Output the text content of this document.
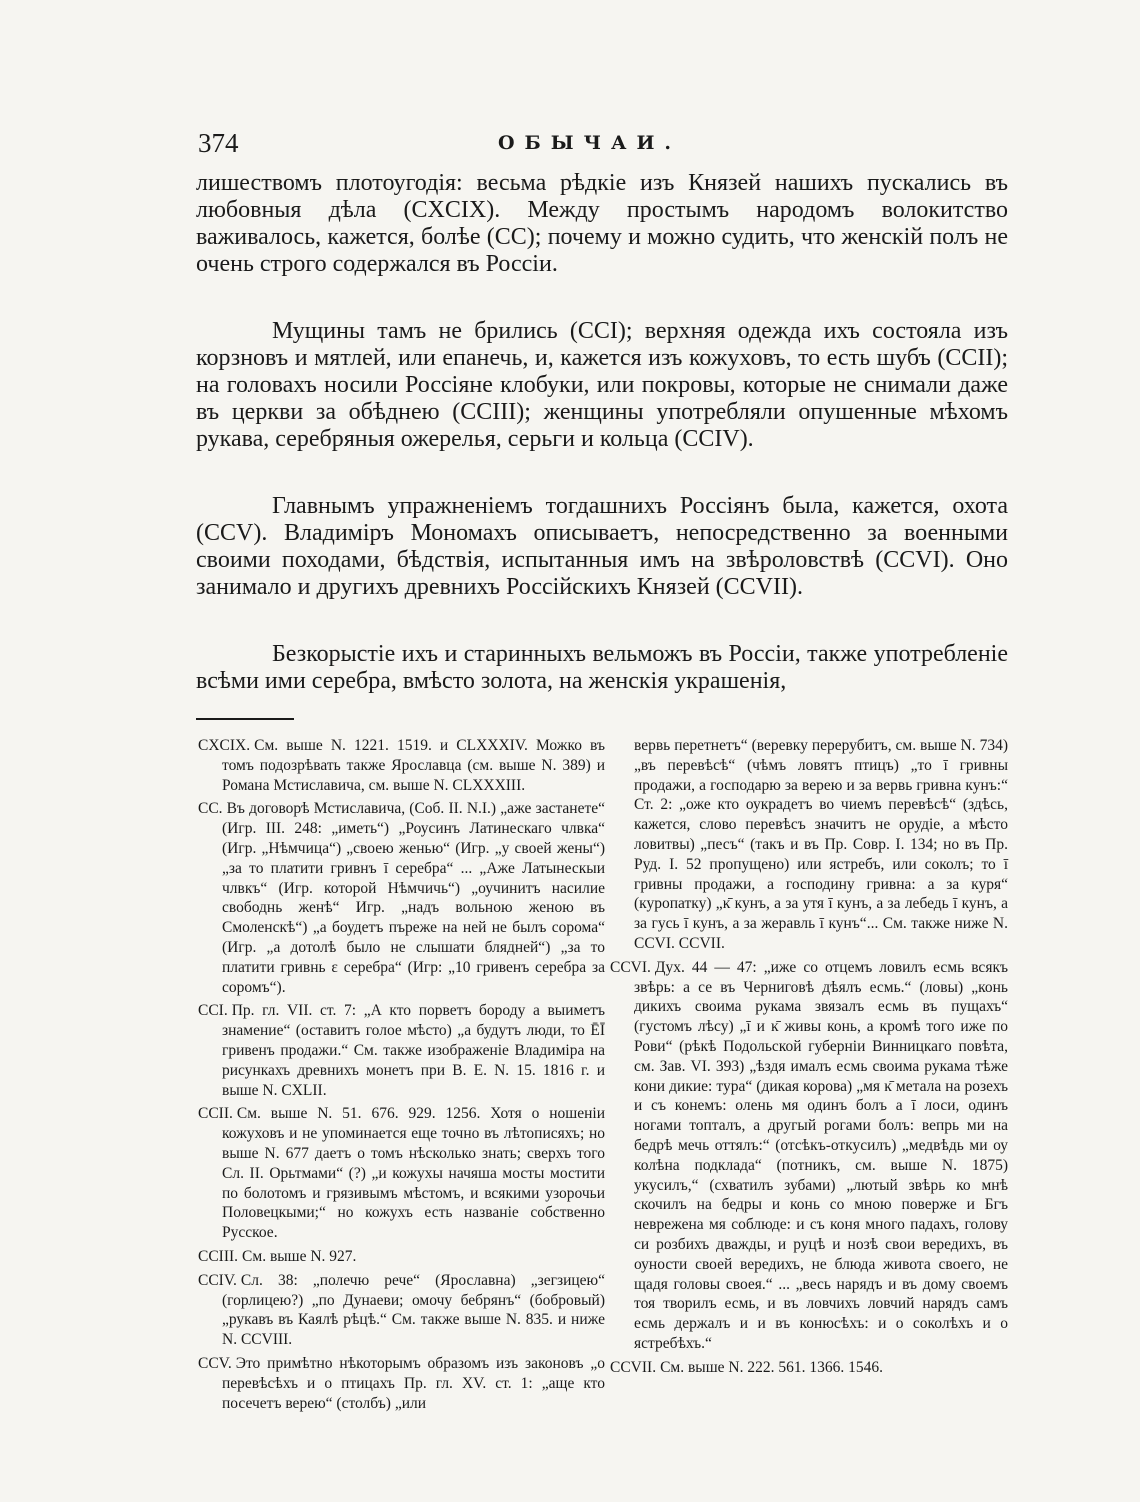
374	ОБЫЧАИ.

лишествомъ плотоугодія: весьма рѣдкіе изъ Князей нашихъ пускались въ любовныя дѣла (CXCIX). Между простымъ народомъ волокитство важивалось, кажется, болѣе (CC); почему и можно судить, что женскій полъ не очень строго содержался въ Россіи.

Мущины тамъ не брились (CCI); верхняя одежда ихъ состояла изъ корзновъ и мятлей, или епанечь, и, кажется изъ кожуховъ, то есть шубъ (CCII); на головахъ носили Россіяне клобуки, или покровы, которые не снимали даже въ церкви за обѣднею (CCIII); женщины употребляли опушенные мѣхомъ рукава, серебряныя ожерелья, серьги и кольца (CCIV).

Главнымъ упражненіемъ тогдашнихъ Россіянъ была, кажется, охота (CCV). Владиміръ Мономахъ описываетъ, непосредственно за военными своими походами, бѣдствія, испытанныя имъ на звѣроловствѣ (CCVI). Оно занимало и другихъ древнихъ Россійскихъ Князей (CCVII).

Безкорыстіе ихъ и старинныхъ вельможъ въ Россіи, также употребленіе всѣми ими серебра, вмѣсто золота, на женскія украшенія,

CXCIX. См. выше N. 1221. 1519. и CLXXXIV. Можко въ томъ подозрѣвать также Ярославца (см. выше N. 389) и Романа Мстиславича, см. выше N. CLXXXIII.
CC. Въ договорѣ Мстиславича, (Соб. II. N.I.) „аже застанете“ (Игр. III. 248: „иметь“) „Роусинъ Латинескаго члвка“ (Игр. „Нѣмчица“) „своею женью“ (Игр. „у своей жены“) „за то платити гривнъ ī серебра“ ... „Аже Латынескыи члвкъ“ (Игр. которой Нѣмчичь“) „оучинитъ насилие свободнь женѣ“ Игр. „надъ вольною женою въ Смоленскѣ“) „а боудетъ пъреже на ней не былъ сорома“ (Игр. „а дотолѣ было не слышати блядней“) „за то платити гривнь ε серебра“ (Игр: „10 гривенъ серебра за соромъ“).
CCI. Пр. гл. VII. ст. 7: „А кто порветъ бороду а выиметъ знамение“ (оставитъ голое мѣсто) „а будутъ люди, то ĒĪ гривенъ продажи.“ См. также изображеніе Владиміра на рисункахъ древнихъ монетъ при В. Е. N. 15. 1816 г. и выше N. CXLII.
CCII. См. выше N. 51. 676. 929. 1256. Хотя о ношеніи кожуховъ и не упоминается еще точно въ лѣтописяхъ; но выше N. 677 даетъ о томъ нѣсколько знать; сверхъ того Сл. II. Орьтмами“ (?) „и кожухы начяша мосты мостити по болотомъ и грязивымъ мѣстомъ, и всякими узорочьи Половецкыми;“ но кожухъ есть названіе собственно Русское.
CCIII. См. выше N. 927.
CCIV. Сл. 38: „полечю рече“ (Ярославна) „зегзицею“ (горлицею?) „по Дунаеви; омочу бебрянъ“ (бобровый) „рукавъ въ Каялѣ рѣцѣ.“ См. также выше N. 835. и ниже N. CCVIII.
CCV. Это примѣтно нѣкоторымъ образомъ изъ законовъ „о перевѣсѣхъ и о птицахъ Пр. гл. XV. ст. 1: „аще кто посечетъ верею“ (столбъ) „или
вервь перетнетъ“ (веревку перерубитъ, см. выше N. 734) „въ перевѣсѣ“ (чѣмъ ловятъ птицъ) „то ī гривны продажи, а господарю за верею и за вервь гривна кунъ:“ Ст. 2: „оже кто оукрадетъ во чиемъ перевѣсѣ“ (здѣсь, кажется, слово перевѣсъ значитъ не орудіе, а мѣсто ловитвы) „песъ“ (такъ и въ Пр. Совр. I. 134; но въ Пр. Руд. I. 52 пропущено) или ястребъ, или соколъ; то ī гривны продажи, а господину гривна: а за куря“ (куропатку) „ĸ̄ кунъ, а за утя ī кунъ, а за лебедь ī кунъ, а за гусь ī кунъ, а за жеравль ī кунъ“... См. также ниже N. CCVI. CCVII.
CCVI. Дух. 44 — 47: „иже со отцемъ ловилъ есмь всякъ звѣрь: а се въ Черниговѣ дѣялъ есмь.“ (ловы) „конь дикихъ своима рукама звязалъ есмь въ пущахъ“ (густомъ лѣсу) „ī и ĸ̄ живы конь, а кромѣ того иже по Рови“ (рѣкѣ Подольской губерніи Винницкаго повѣта, см. Зав. VI. 393) „ѣздя ималъ есмь своима рукама тѣже кони дикие: тура“ (дикая корова) „мя ĸ̄ метала на розехъ и съ конемъ: олень мя одинъ болъ а ī лоси, одинъ ногами топталъ, а другый рогами болъ: вепрь ми на бедрѣ мечь оттялъ:“ (отсѣкъ-откусилъ) „медвѣдь ми оу колѣна подклада“ (потникъ, см. выше N. 1875) укусилъ,“ (схватилъ зубами) „лютый звѣрь ко мнѣ скочилъ на бедры и конь со мною поверже и Бгъ невреженa мя соблюде: и съ коня много падахъ, голову си розбихъ дважды, и руцѣ и нозѣ свои вередихъ, въ оуности своей вередихъ, не блюда живота своего, не щадя головы своея.“ ... „весь нарядъ и въ дому своемъ тоя творилъ есмь, и въ ловчихъ ловчий нарядъ самъ есмь держалъ и и въ конюсѣхъ: и о соколѣхъ и о ястребѣхъ.“
CCVII. См. выше N. 222. 561. 1366. 1546.
